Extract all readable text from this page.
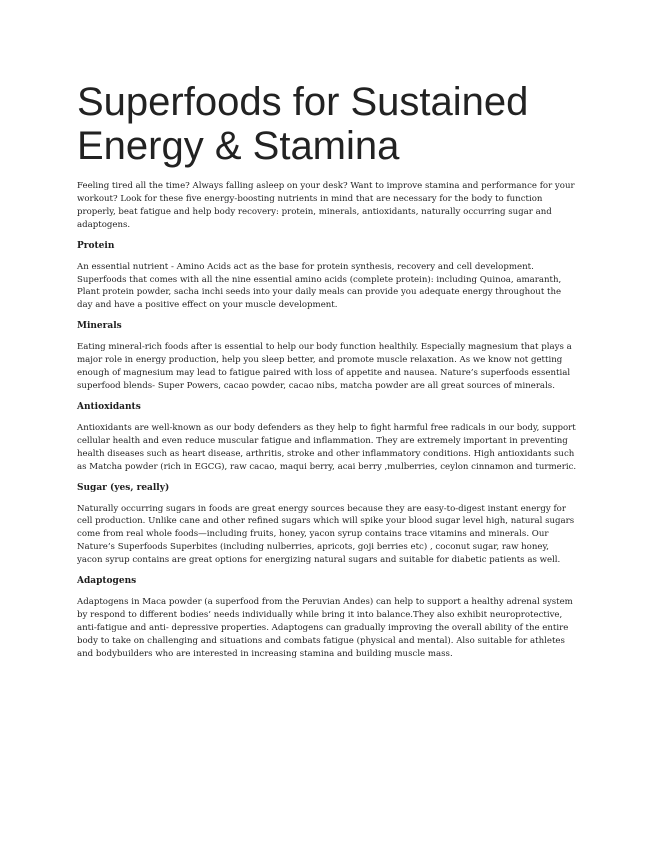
Superfoods for Sustained Energy & Stamina

Feeling tired all the time? Always falling asleep on your desk? Want to improve stamina and performance for your workout? Look for these five energy-boosting nutrients in mind that are necessary for the body to function properly, beat fatigue and help body recovery: protein, minerals, antioxidants, naturally occurring sugar and adaptogens.

Protein

An essential nutrient - Amino Acids act as the base for protein synthesis, recovery and cell development. Superfoods that comes with all the nine essential amino acids (complete protein): including Quinoa, amaranth, Plant protein powder, sacha inchi seeds into your daily meals can provide you adequate energy throughout the day and have a positive effect on your muscle development.

Minerals

Eating mineral-rich foods after is essential to help our body function healthily. Especially magnesium that plays a major role in energy production, help you sleep better, and promote muscle relaxation. As we know not getting enough of magnesium may lead to fatigue paired with loss of appetite and nausea. Nature’s superfoods essential superfood blends- Super Powers, cacao powder, cacao nibs, matcha powder are all great sources of minerals.

Antioxidants

Antioxidants are well-known as our body defenders as they help to fight harmful free radicals in our body, support cellular health and even reduce muscular fatigue and inflammation. They are extremely important in preventing health diseases such as heart disease, arthritis, stroke and other inflammatory conditions. High antioxidants such as Matcha powder (rich in EGCG), raw cacao, maqui berry, acai berry ,mulberries, ceylon cinnamon and turmeric.

Sugar (yes, really)

Naturally occurring sugars in foods are great energy sources because they are easy-to-digest instant energy for cell production. Unlike cane and other refined sugars which will spike your blood sugar level high, natural sugars come from real whole foods—including fruits, honey, yacon syrup contains trace vitamins and minerals. Our Nature’s Superfoods Superbites (including nulberries, apricots, goji berries etc) , coconut sugar, raw honey, yacon syrup contains are great options for energizing natural sugars and suitable for diabetic patients as well.

Adaptogens

Adaptogens in Maca powder (a superfood from the Peruvian Andes) can help to support a healthy adrenal system by respond to different bodies’ needs individually while bring it into balance.They also exhibit neuroprotective, anti-fatigue and anti- depressive properties. Adaptogens can gradually improving the overall ability of the entire body to take on challenging and situations and combats fatigue (physical and mental). Also suitable for athletes and bodybuilders who are interested in increasing stamina and building muscle mass.
